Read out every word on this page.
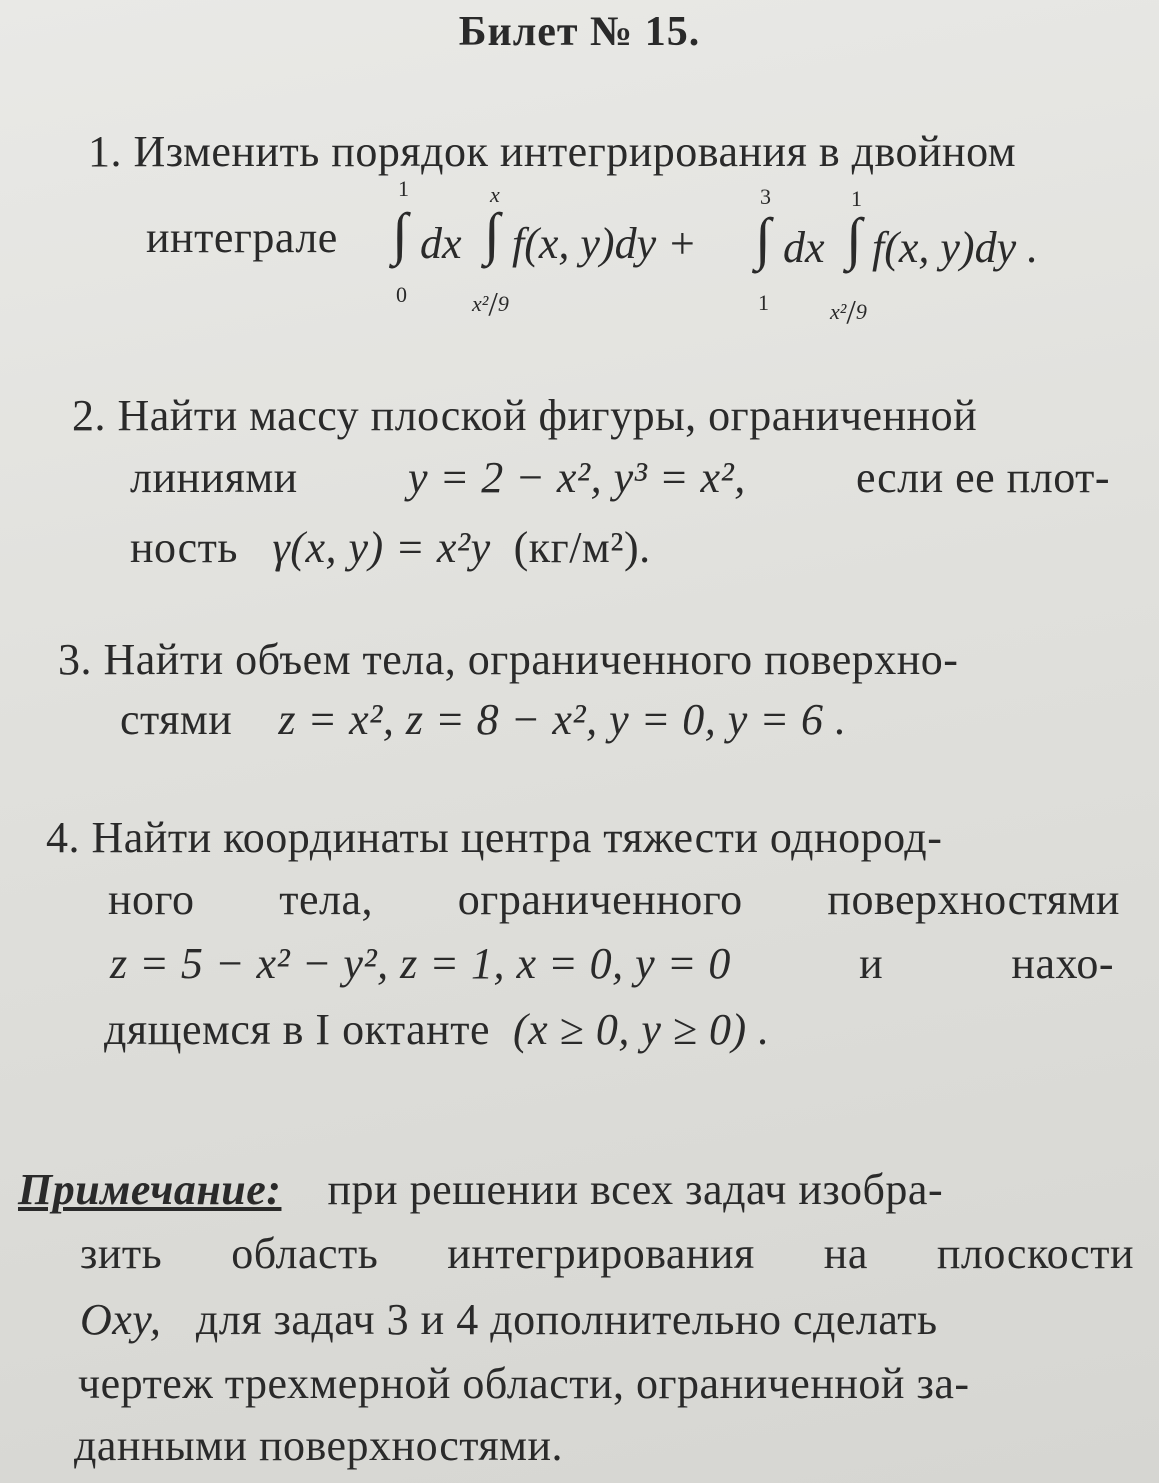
Билет № 15.
1. Изменить порядок интегрирования в двойном
интеграле
1
∫
0
dx
x
∫
x²/9
f(x, y)dy +
3
∫
1
dx
1
∫
x²/9
f(x, y)dy .
2. Найти массу плоской фигуры, ограниченной
линиями	y = 2 − x², y³ = x²,	если ее плот-
ность γ(x, y) = x²y (кг/м²).
3. Найти объем тела, ограниченного поверхно-
стями z = x², z = 8 − x², y = 0, y = 6 .
4. Найти координаты центра тяжести однород-
ного тела, ограниченного поверхностями
z = 5 − x² − y², z = 1, x = 0, y = 0	и	нахо-
дящемся в I октанте (x ≥ 0, y ≥ 0) .
Примечание: при решении всех задач изобра-
зить область интегрирования на плоскости
Oxy, для задач 3 и 4 дополнительно сделать
чертеж трехмерной области, ограниченной за-
данными поверхностями.
